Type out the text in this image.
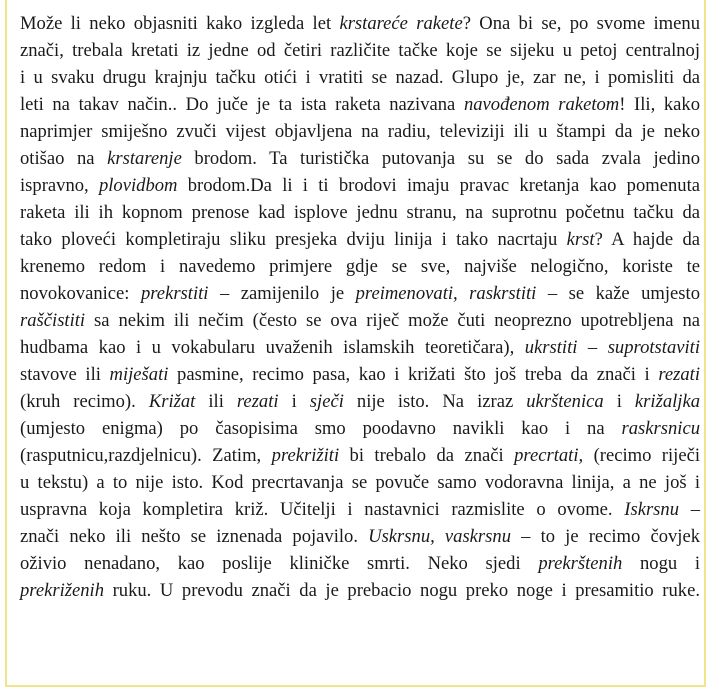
Može li neko objasniti kako izgleda let krstareće rakete? Ona bi se, po svome imenu
znači, trebala kretati iz jedne od četiri različite tačke koje se sijeku u petoj centralnoj
i u svaku drugu krajnju tačku otići i vratiti se nazad. Glupo je, zar ne, i pomisliti da
leti na takav način.. Do juče je ta ista raketa nazivana navođenom raketom! Ili, kako
naprimjer smiješno zvuči vijest objavljena na radiu, televiziji ili u štampi da je neko
otišao na krstarenje brodom. Ta turistička putovanja su se do sada zvala jedino
ispravno, plovidbom brodom.Da li i ti brodovi imaju pravac kretanja kao pomenuta
raketa ili ih kopnom prenose kad isplove jednu stranu, na suprotnu početnu tačku da
tako ploveći kompletiraju sliku presjeka dviju linija i tako nacrtaju krst? A hajde da
krenemo redom i navedemo primjere gdje se sve, najviše nelogično, koriste te
novokovanice: prekrstiti – zamijenilo je preimenovati, raskrstiti – se kaže umjesto
raščistiti sa nekim ili nečim (često se ova riječ može čuti neoprezno upotrebljena na
hudbama kao i u vokabularu uvaženih islamskih teoretičara), ukrstiti – suprotstaviti
stavove ili miješati pasmine, recimo pasa, kao i križati što još treba da znači i rezati
(kruh recimo). Križat ili rezati i sječi nije isto. Na izraz ukrštenica i križaljka
(umjesto enigma) po časopisima smo poodavno navikli kao i na raskrsnicu
(rasputnicu,razdjelnicu). Zatim, prekrižiti bi trebalo da znači precrtati, (recimo riječi
u tekstu) a to nije isto. Kod precrtavanja se povuče samo vodoravna linija, a ne još i
uspravna koja kompletira križ. Učitelji i nastavnici razmislite o ovome. Iskrsnu –
znači neko ili nešto se iznenada pojavilo. Uskrsnu, vaskrsnu – to je recimo čovjek
oživio nenadano, kao poslije kliničke smrti. Neko sjedi prekrštenih nogu i
prekriženih ruku. U prevodu znači da je prebacio nogu preko noge i presamitio ruke.
